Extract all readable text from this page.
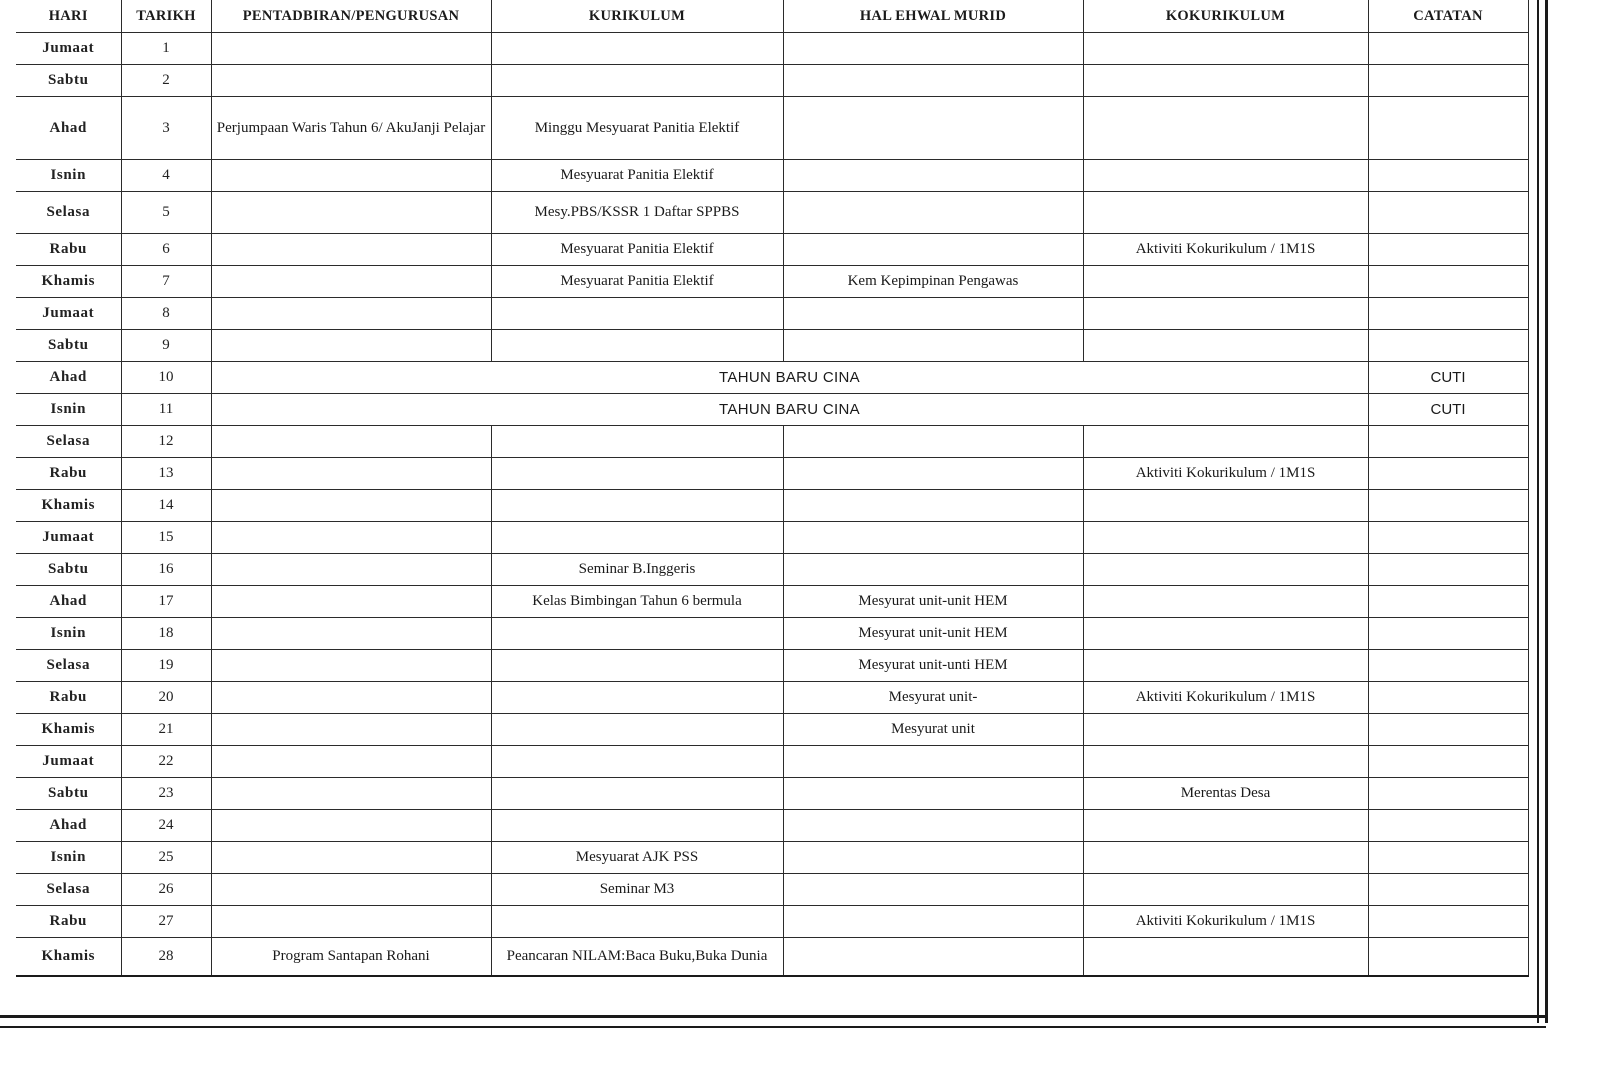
HARI	TARIKH	PENTADBIRAN/PENGURUSAN	KURIKULUM	HAL EHWAL MURID	KOKURIKULUM	CATATAN
Jumaat	1					
Sabtu	2					
Ahad	3	Perjumpaan Waris Tahun 6/ AkuJanji Pelajar	Minggu Mesyuarat Panitia Elektif			
Isnin	4		Mesyuarat Panitia Elektif			
Selasa	5		Mesy.PBS/KSSR 1 Daftar SPPBS			
Rabu	6		Mesyuarat Panitia Elektif		Aktiviti Kokurikulum / 1M1S	
Khamis	7		Mesyuarat Panitia Elektif	Kem Kepimpinan Pengawas		
Jumaat	8					
Sabtu	9					
Ahad	10	TAHUN BARU CINA				CUTI
Isnin	11	TAHUN BARU CINA				CUTI
Selasa	12					
Rabu	13				Aktiviti Kokurikulum / 1M1S	
Khamis	14					
Jumaat	15					
Sabtu	16		Seminar B.Inggeris			
Ahad	17		Kelas Bimbingan Tahun 6 bermula	Mesyurat unit-unit HEM		
Isnin	18			Mesyurat unit-unit HEM		
Selasa	19			Mesyurat unit-unti HEM		
Rabu	20			Mesyurat unit-	Aktiviti Kokurikulum / 1M1S	
Khamis	21			Mesyurat unit		
Jumaat	22					
Sabtu	23				Merentas Desa	
Ahad	24					
Isnin	25		Mesyuarat AJK PSS			
Selasa	26		Seminar M3			
Rabu	27				Aktiviti Kokurikulum / 1M1S	
Khamis	28	Program Santapan Rohani	Peancaran NILAM:Baca Buku,Buka Dunia			
